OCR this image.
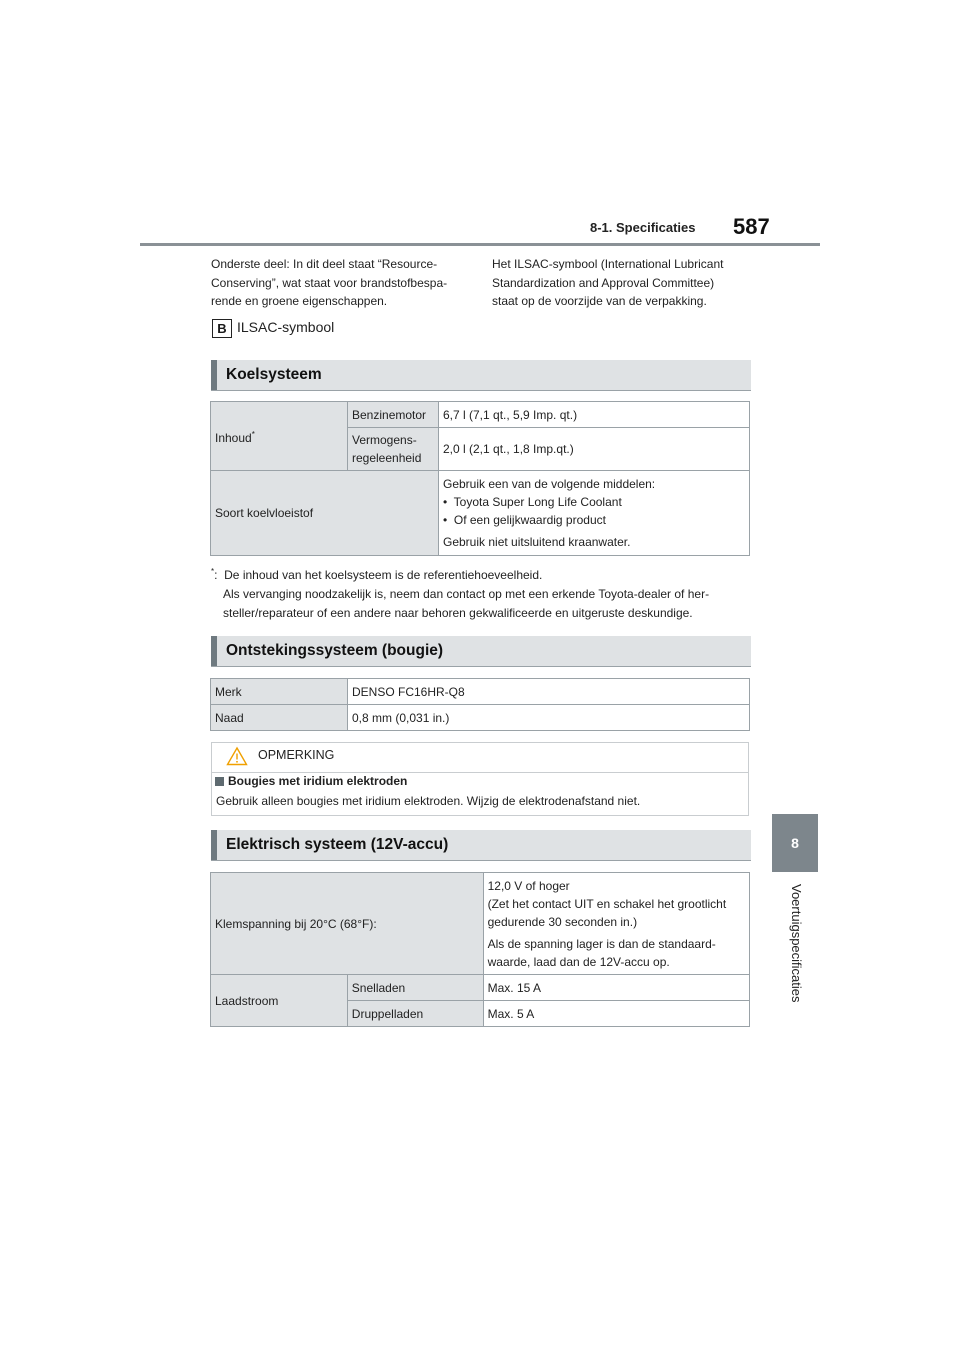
8-1. Specificaties 587
8
Voertuigspecificaties
Onderste deel: In dit deel staat “Resource-
Conserving”, wat staat voor brandstofbespa-
rende en groene eigenschappen.
Het ILSAC-symbool (International Lubricant
Standardization and Approval Committee)
staat op de voorzijde van de verpakking.
B ILSAC-symbool
Koelsysteem
Inhoud*	Benzinemotor	6,7 l (7,1 qt., 5,9 Imp. qt.)

	Vermogens-
regeleenheid	2,0 l (2,1 qt., 1,8 Imp.qt.)
Soort koelvloeistof		Gebruik een van de volgende middelen:
•  Toyota Super Long Life Coolant
•  Of een gelijkwaardig product
Gebruik niet uitsluitend kraanwater.
*:  De inhoud van het koelsysteem is de referentiehoeveelheid.
Als vervanging noodzakelijk is, neem dan contact op met een erkende Toyota-dealer of her-
steller/reparateur of een andere naar behoren gekwalificeerde en uitgeruste deskundige.
Ontstekingssysteem (bougie)
Merk	DENSO FC16HR-Q8
Naad	0,8 mm (0,031 in.)
OPMERKING
Bougies met iridium elektroden
Gebruik alleen bougies met iridium elektroden. Wijzig de elektrodenafstand niet.
Elektrisch systeem (12V-accu)
Klemspanning bij 20°C (68°F):		12,0 V of hoger
(Zet het contact UIT en schakel het grootlicht
gedurende 30 seconden in.)
Als de spanning lager is dan de standaard-
waarde, laad dan de 12V-accu op.

Laadstroom	Snelladen	Max. 15 A
	Druppelladen	Max. 5 A
